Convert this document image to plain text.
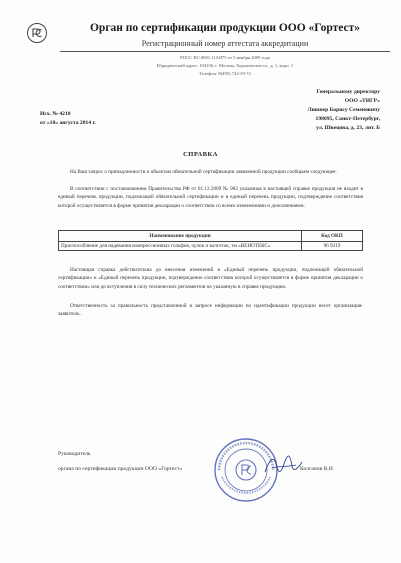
Орган по сертификации продукции ООО «Гортест»
Регистрационный номер аттестата аккредитации
РОСС RU.0001.11АЯ75 от 5 ноября 2009 года
Юридический адрес: 194156, г. Москва, Хорошевское ш., д. 1, корп. 1
Телефон: 8(495) 742-39-72
Генеральному директору
ООО «ТИГР»
Лившер Борису Семеновичу
198095, Санкт-Петербург,
ул. Швецова, д. 23, лит. Б
Исх. № 4210
от «18» августа 2014 г.
СПРАВКА
На Ваш запрос о принадлежности к объектам обязательной сертификации заявленной продукции сообщаем следующее:
В соответствии с постановлением Правительства РФ от 01.12.2009 № 982 указанная в настоящей справке продукция не входит в единый перечень продукции, подлежащей обязательной сертификации и в единый перечень продукции, подтверждение соответствия которой осуществляется в форме принятия декларации о соответствии со всеми изменениями и дополнениями.
Наименование продукции	Код ОКП
Приспособление для надевания компрессионных гольфов, чулок и колготок, тм «ВЕНОТЕКС»	96 9319
Настоящая справка действительна до внесения изменений в «Единый перечень продукции, подлежащей обязательной сертификации» и «Единый перечень продукции, подтверждение соответствия которой осуществляется в форме принятия декларации о соответствии» или до вступления в силу технических регламентов на указанную в справке продукцию.
Ответственность за правильность представленной в запросе информации по идентификации продукции несет организация-заявитель.
Руководитель
органа по сертификации продукции ООО «Гортест»	Колганов В.И.
